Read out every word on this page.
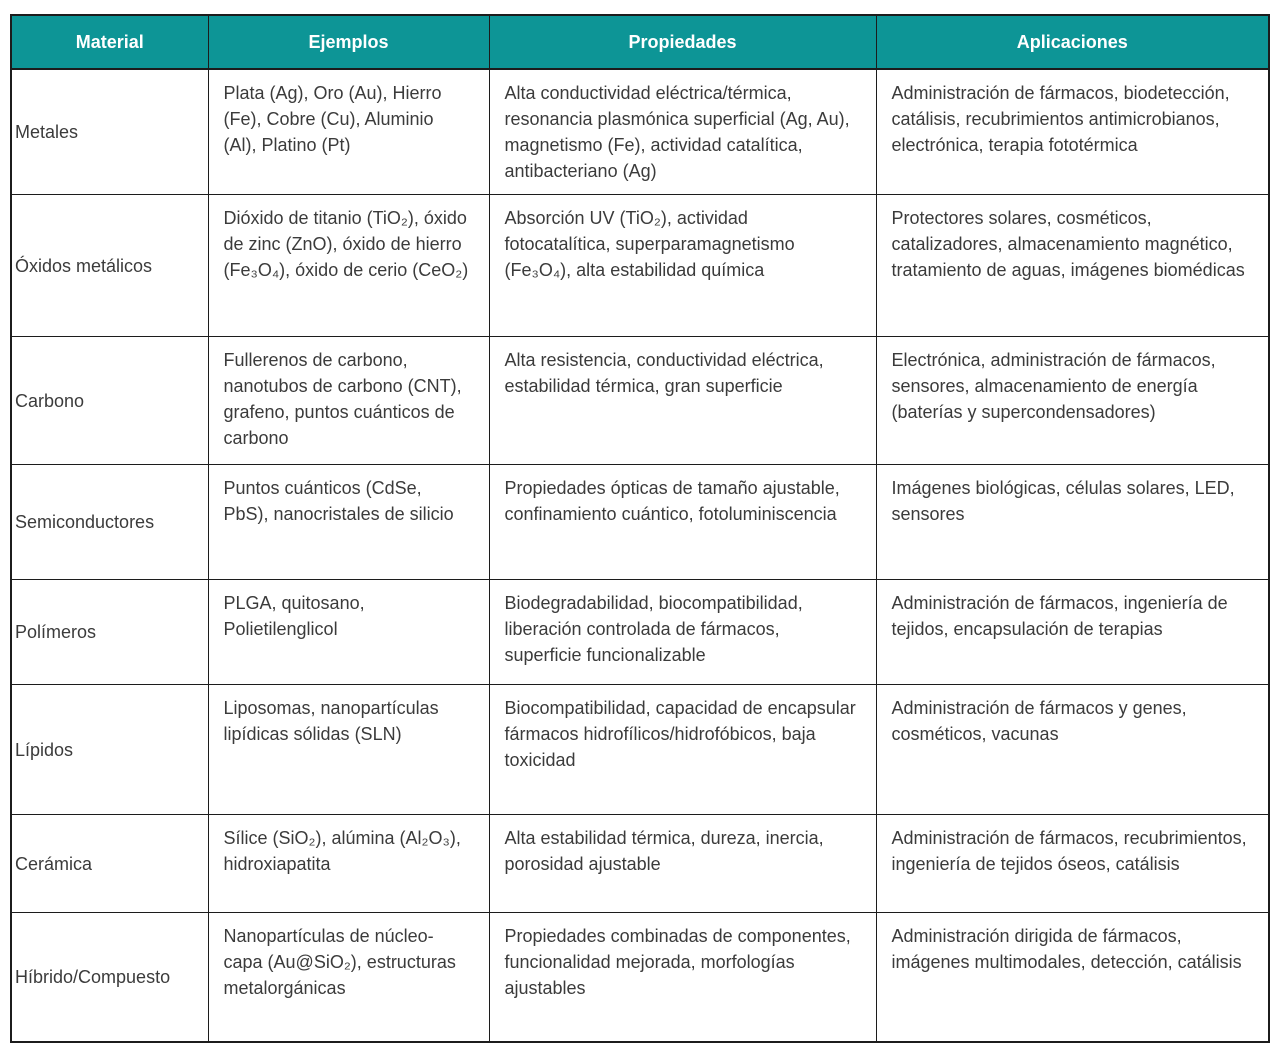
Material	Ejemplos	Propiedades	Aplicaciones
Metales	Plata (Ag), Oro (Au), Hierro (Fe), Cobre (Cu), Aluminio (Al), Platino (Pt)	Alta conductividad eléctrica/térmica, resonancia plasmónica superficial (Ag, Au), magnetismo (Fe), actividad catalítica, antibacteriano (Ag)	Administración de fármacos, biodetección, catálisis, recubrimientos antimicrobianos, electrónica, terapia fototérmica
Óxidos metálicos	Dióxido de titanio (TiO₂), óxido de zinc (ZnO), óxido de hierro (Fe₃O₄), óxido de cerio (CeO₂)	Absorción UV (TiO₂), actividad fotocatalítica, superparamagnetismo (Fe₃O₄), alta estabilidad química	Protectores solares, cosméticos, catalizadores, almacenamiento magnético, tratamiento de aguas, imágenes biomédicas
Carbono	Fullerenos de carbono, nanotubos de carbono (CNT), grafeno, puntos cuánticos de carbono	Alta resistencia, conductividad eléctrica, estabilidad térmica, gran superficie	Electrónica, administración de fármacos, sensores, almacenamiento de energía (baterías y supercondensadores)
Semiconductores	Puntos cuánticos (CdSe, PbS), nanocristales de silicio	Propiedades ópticas de tamaño ajustable, confinamiento cuántico, fotoluminiscencia	Imágenes biológicas, células solares, LED, sensores
Polímeros	PLGA, quitosano, Polietilenglicol	Biodegradabilidad, biocompatibilidad, liberación controlada de fármacos, superficie funcionalizable	Administración de fármacos, ingeniería de tejidos, encapsulación de terapias
Lípidos	Liposomas, nanopartículas lipídicas sólidas (SLN)	Biocompatibilidad, capacidad de encapsular fármacos hidrofílicos/hidrofóbicos, baja toxicidad	Administración de fármacos y genes, cosméticos, vacunas
Cerámica	Sílice (SiO₂), alúmina (Al₂O₃), hidroxiapatita	Alta estabilidad térmica, dureza, inercia, porosidad ajustable	Administración de fármacos, recubrimientos, ingeniería de tejidos óseos, catálisis
Híbrido/Compuesto	Nanopartículas de núcleo-capa (Au@SiO₂), estructuras metalorgánicas	Propiedades combinadas de componentes, funcionalidad mejorada, morfologías ajustables	Administración dirigida de fármacos, imágenes multimodales, detección, catálisis
